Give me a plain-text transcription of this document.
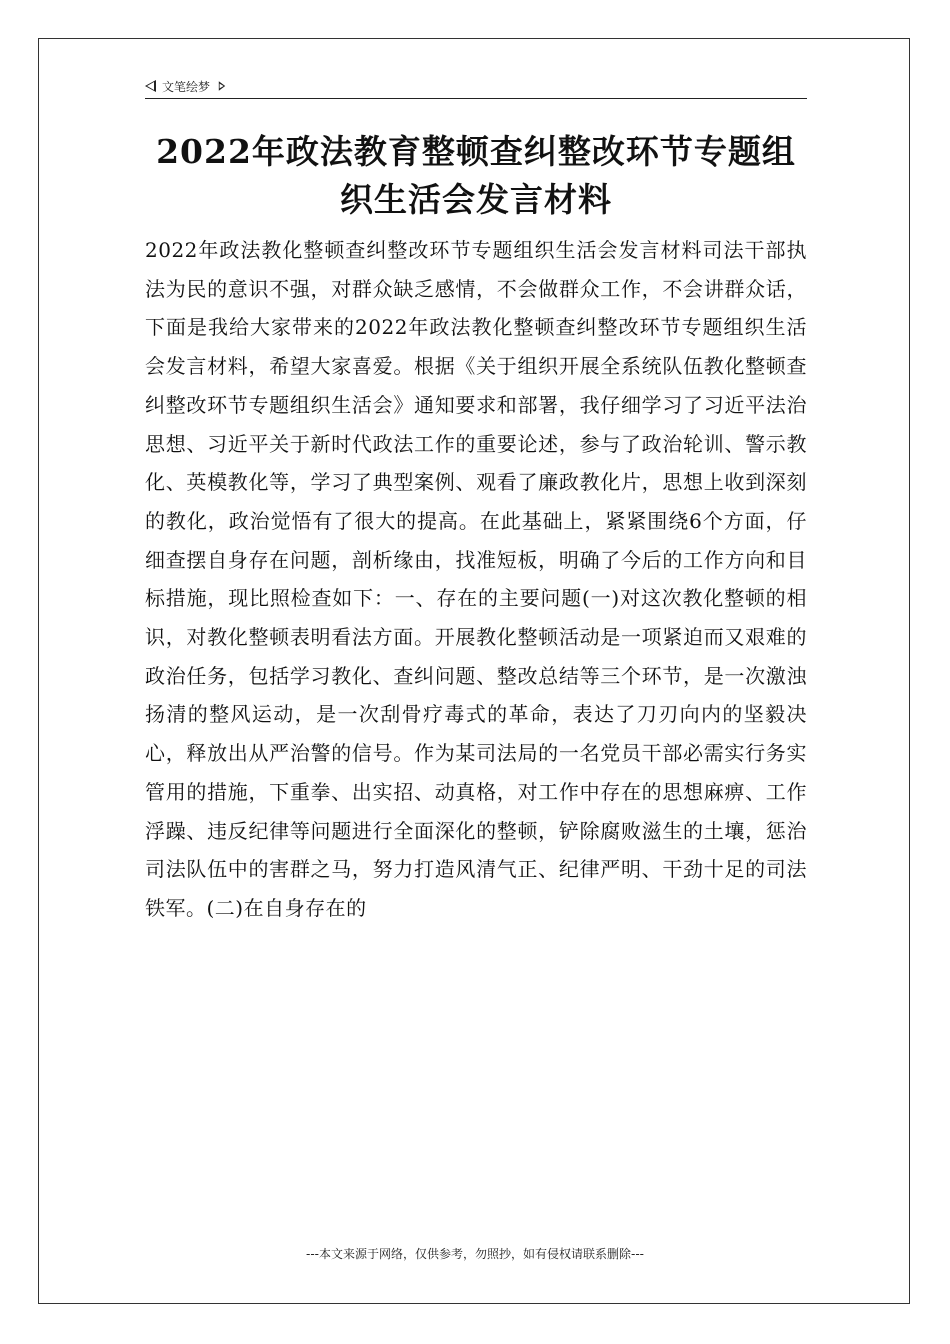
文笔绘梦
2022年政法教育整顿查纠整改环节专题组织生活会发言材料
2022年政法教化整顿查纠整改环节专题组织生活会发言材料司法干部执法为民的意识不强，对群众缺乏感情，不会做群众工作，不会讲群众话，下面是我给大家带来的2022年政法教化整顿查纠整改环节专题组织生活会发言材料，希望大家喜爱。根据《关于组织开展全系统队伍教化整顿查纠整改环节专题组织生活会》通知要求和部署，我仔细学习了习近平法治思想、习近平关于新时代政法工作的重要论述，参与了政治轮训、警示教化、英模教化等，学习了典型案例、观看了廉政教化片，思想上收到深刻的教化，政治觉悟有了很大的提高。在此基础上，紧紧围绕6个方面，仔细查摆自身存在问题，剖析缘由，找准短板，明确了今后的工作方向和目标措施，现比照检查如下：一、存在的主要问题(一)对这次教化整顿的相识，对教化整顿表明看法方面。开展教化整顿活动是一项紧迫而又艰难的政治任务，包括学习教化、查纠问题、整改总结等三个环节，是一次激浊扬清的整风运动，是一次刮骨疗毒式的革命，表达了刀刃向内的坚毅决心，释放出从严治警的信号。作为某司法局的一名党员干部必需实行务实管用的措施，下重拳、出实招、动真格，对工作中存在的思想麻痹、工作浮躁、违反纪律等问题进行全面深化的整顿，铲除腐败滋生的土壤，惩治司法队伍中的害群之马，努力打造风清气正、纪律严明、干劲十足的司法铁军。(二)在自身存在的
---本文来源于网络，仅供参考，勿照抄，如有侵权请联系删除---
